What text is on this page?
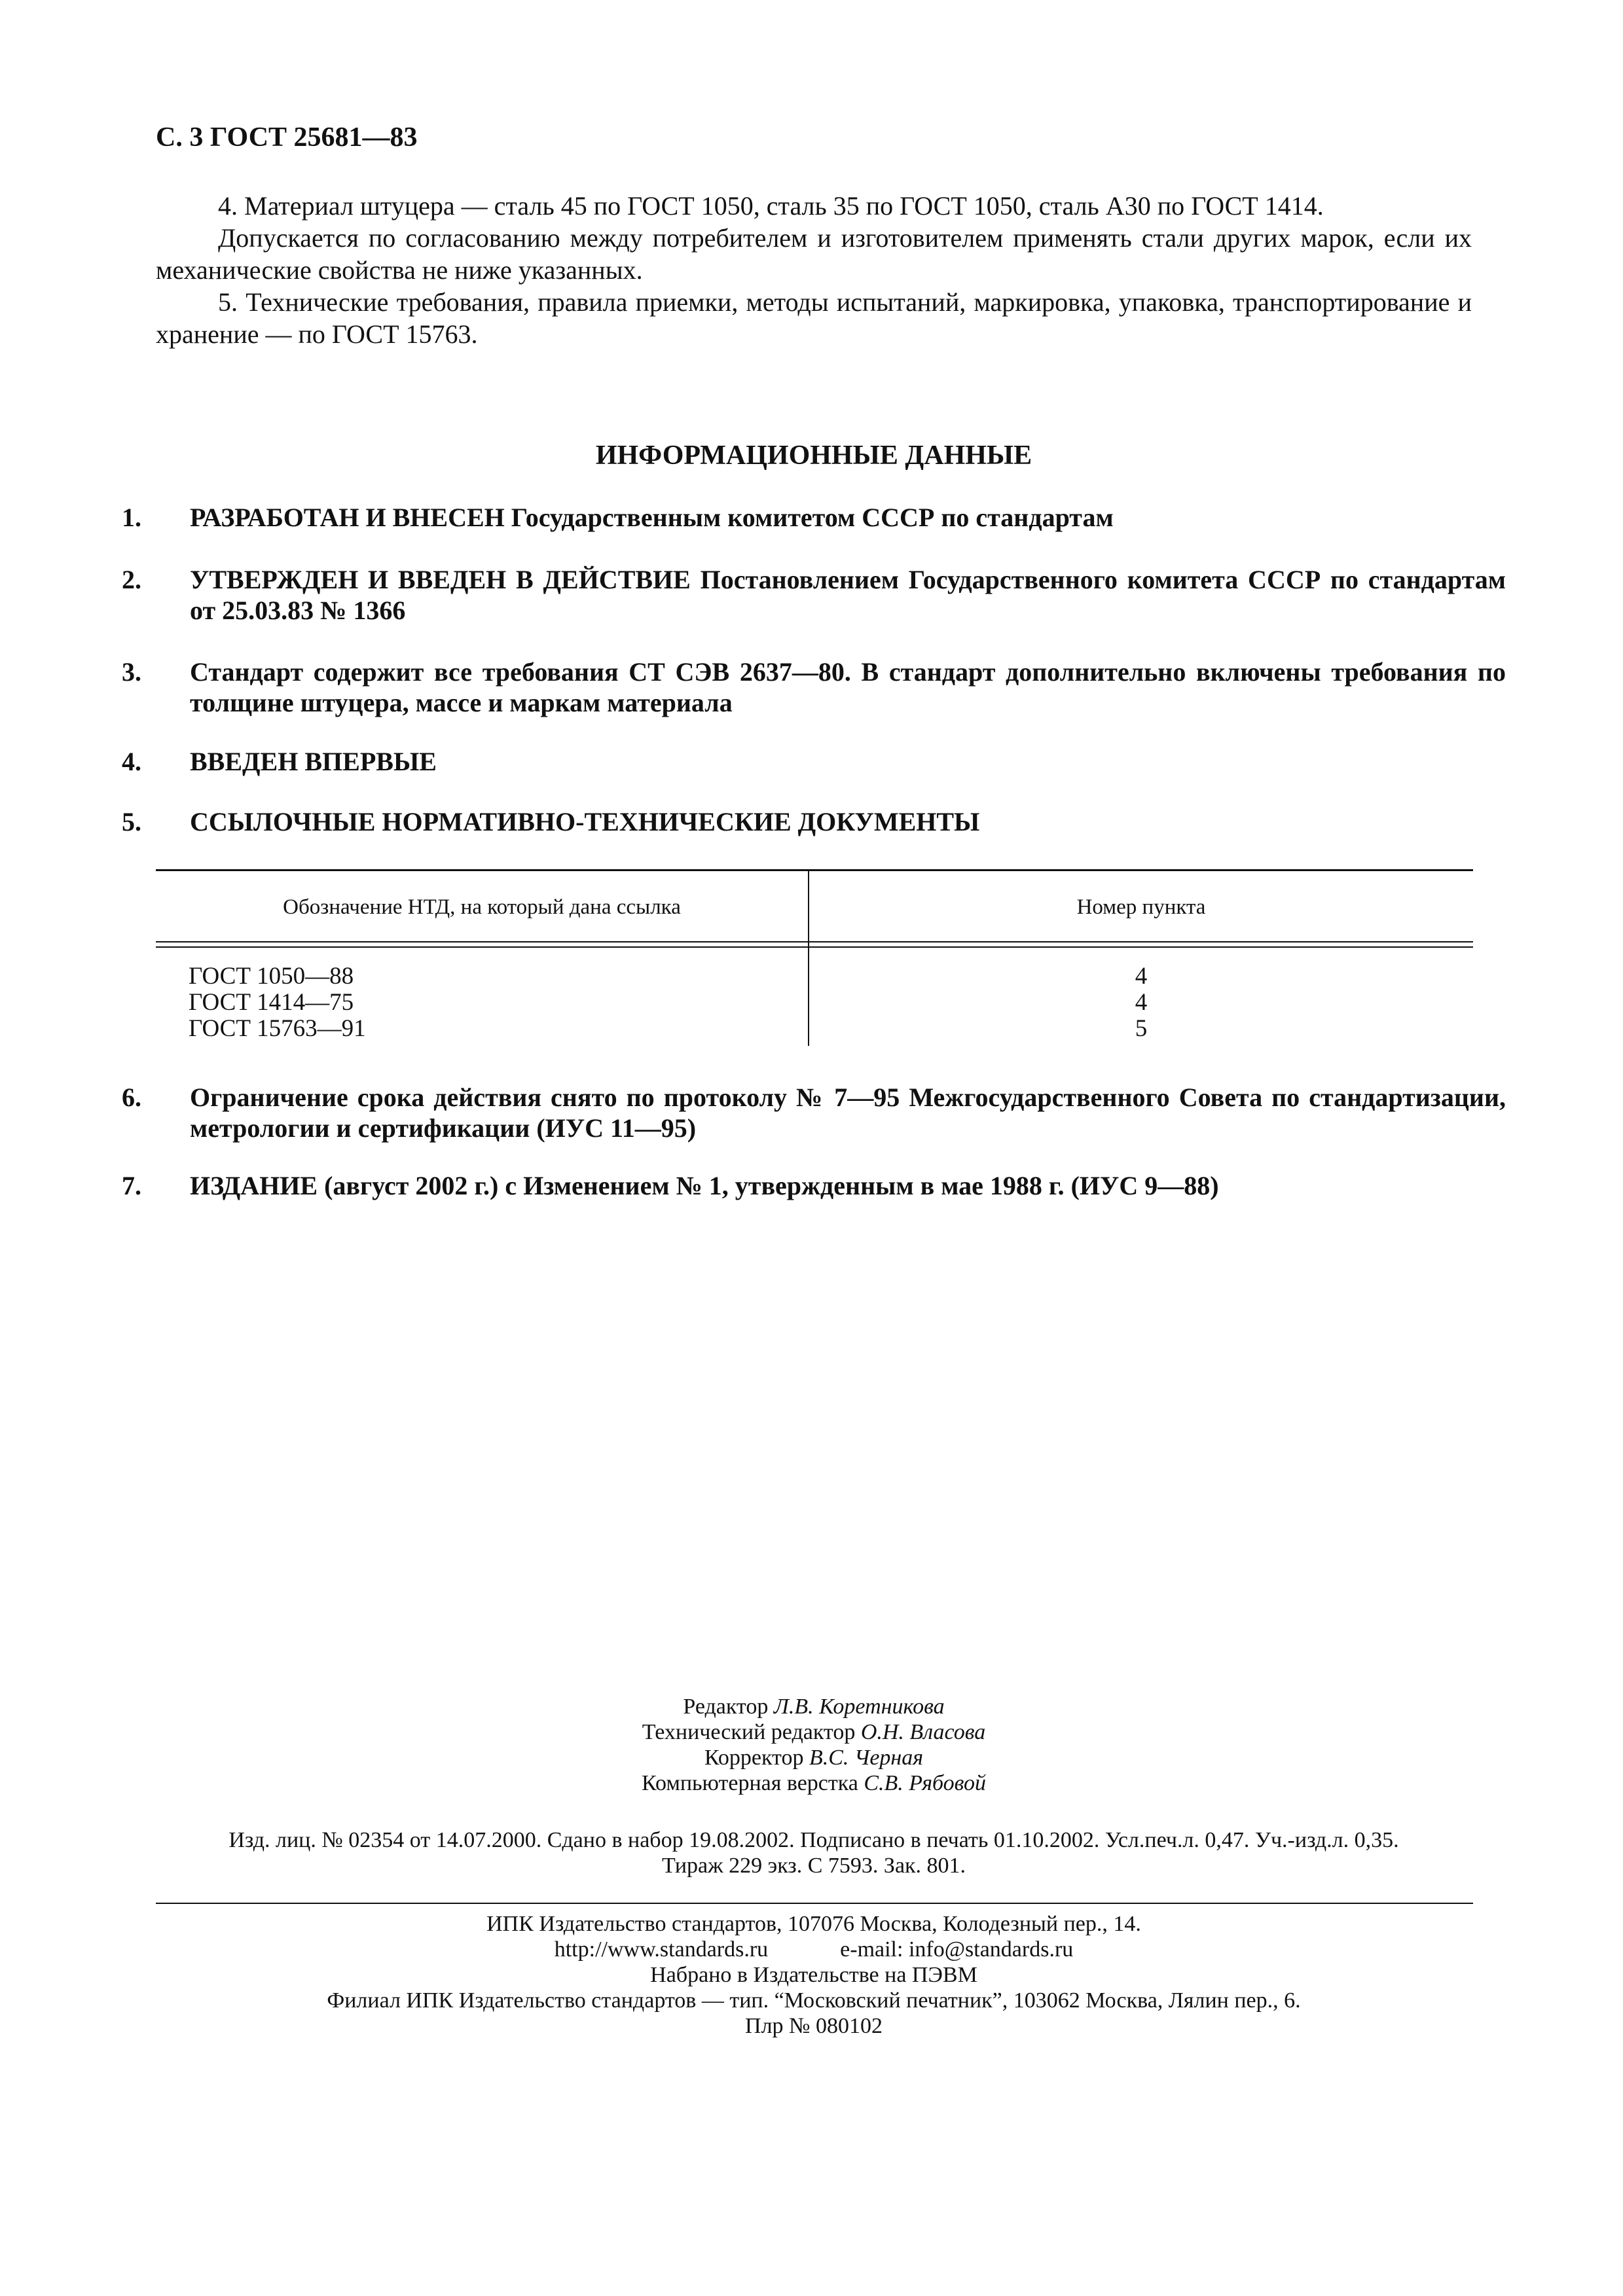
С. 3 ГОСТ 25681—83
4. Материал штуцера — сталь 45 по ГОСТ 1050, сталь 35 по ГОСТ 1050, сталь А30 по ГОСТ 1414.
Допускается по согласованию между потребителем и изготовителем применять стали других марок, если их механические свойства не ниже указанных.
5. Технические требования, правила приемки, методы испытаний, маркировка, упаковка, транспортирование и хранение — по ГОСТ 15763.
ИНФОРМАЦИОННЫЕ ДАННЫЕ
1. РАЗРАБОТАН И ВНЕСЕН Государственным комитетом СССР по стандартам
2. УТВЕРЖДЕН И ВВЕДЕН В ДЕЙСТВИЕ Постановлением Государственного комитета СССР по стандартам от 25.03.83 № 1366
3. Стандарт содержит все требования СТ СЭВ 2637—80. В стандарт дополнительно включены требования по толщине штуцера, массе и маркам материала
4. ВВЕДЕН ВПЕРВЫЕ
5. ССЫЛОЧНЫЕ НОРМАТИВНО-ТЕХНИЧЕСКИЕ ДОКУМЕНТЫ
Обозначение НТД, на который дана ссылка	Номер пункта
ГОСТ 1050—88
ГОСТ 1414—75
ГОСТ 15763—91
4
4
5
6. Ограничение срока действия снято по протоколу № 7—95 Межгосударственного Совета по стандартизации, метрологии и сертификации (ИУС 11—95)
7. ИЗДАНИЕ (август 2002 г.) с Изменением № 1, утвержденным в мае 1988 г. (ИУС 9—88)
Редактор Л.В. Коретникова
Технический редактор О.Н. Власова
Корректор В.С. Черная
Компьютерная верстка С.В. Рябовой
Изд. лиц. № 02354 от 14.07.2000. Сдано в набор 19.08.2002. Подписано в печать 01.10.2002. Усл.печ.л. 0,47. Уч.-изд.л. 0,35.
Тираж 229 экз. С 7593. Зак. 801.
ИПК Издательство стандартов, 107076 Москва, Колодезный пер., 14.
http://www.standards.ru	e-mail: info@standards.ru
Набрано в Издательстве на ПЭВМ
Филиал ИПК Издательство стандартов — тип. “Московский печатник”, 103062 Москва, Лялин пер., 6.
Плр № 080102
